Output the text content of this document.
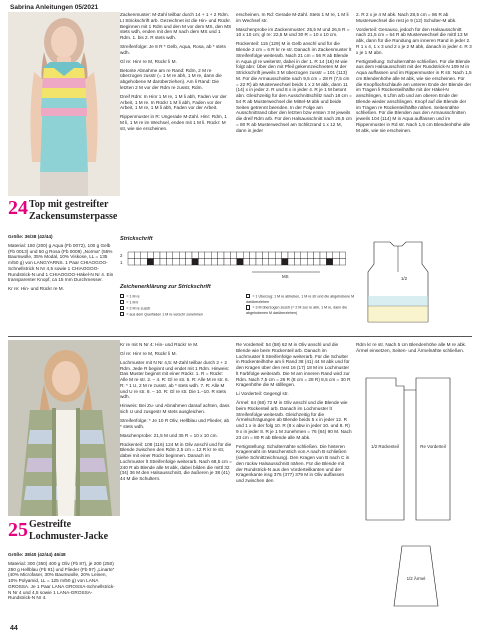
Sabrina Anleitungen 05/2021
24 Top mit gestreifter
Zackensumsterpasse

Größe: 36/38 (42/44)

Material: 150 (200) g Aqua (Fb 0072), 100 g Gelb (Fb 0013) und 50 g Rosa (Fb 0009) „Norma“ (55% Baumwolle, 35% Modal, 10% Viskose, LL = 135 m/50 g) von LANGYARNS. 1 Paar CHIAOGOO-Schnellstrick N Nr 4,5 sowie 1 CHIAOGOO-Rundstrick-N und 1 CHIAOGOO-Häkel-N Nr 4. Ein transparenter Knopf, ca 15 mm Durchmesser.

Kr re: Hin- und Rückr re M.

Zackenmuster: M-Zahl teilbar durch 14 + 1 + 2 Rdm. Lt Strickschrift arb. Gezeichnet ist die Hin- und Rückr. Beginnen mit 1 Rdm und den M vor dem MS, den MS stets wdh, enden mit den M nach dem MS und 1 Rdm. 1. bis 2. R stets wdh.

Streifenfolge: Je 8 R * Gelb, Aqua, Rosa, ab * stets wdh.

Gl re: Hinr re M, Rückr li M.

Betonte Abnahme am re Rand: Rdm, 2 M re überzogen zusstr (= 1 M re abh, 1 M re, dann die abgehobene M darüberziehen). Am li Rand: Die letzten 2 M vor der Rdm re zusstr, Rdm.

Dreif Rdm: In Hinr 1 M re, 1 M li abh, Faden vor der Arbeit, 1 M re. In Rückr 1 M li abh, Faden vor der Arbeit, 1 M re, 1 M li abh, Faden vor der Arbeit.

Rippenmuster in R: Ungerade M-Zahl. Hinr: Rdm, 1 M li, 1 M re im Wechsel, enden mit 1 M li. Rückr: M str, wie sie erscheinen.

erscheinen. In Rd: Gerade M-Zahl. Stets 1 M re, 1 M li im Wechsel str.

Maschenprobe im Zackenmuster: 25,5 M und 26,5 R = 10 x 10 cm; gl re: 22,5 M und 30 R = 10 x 10 cm.

Rückenteil: 115 (129) M in Gelb anschl und für die Blende 2 cm = 6 R kr re str. Danach im Zackenmuster lt Streifenfolge weiterarb. Nach 21 cm = 56 R ab Blende in Aqua gl re weiterstr, dabei in der 1. R 14 (16) M wie folgt abn: Über den mit Pfeil gekennzeichneten M der Strickschrift jeweils 3 M überzogen zusstr = 101 (113) M. Für die Armausschnitte nach 9,5 cm = 28 R (7,5 cm = 22 R) ab Musterwechsel beids 1 x 2 M abk, dann 11 (14) x in jeder 2. R und 8 x in jeder 4. R je 1 M betont abn. Gleichzeitig für den Ausschnittschlitz nach 18 cm = 54 R ab Musterwechsel die Mittel-M abk und beide Seiten getrennt beenden. In der Folge am Ausschnittrand über den letzten bzw ersten 3 M jeweils die dreif Rdm arb. Für den Halsausschnitt nach 26,5 cm = 80 R ab Musterwechsel am Schlitzrand 1 x 12 M, dann in jeder

2. R 2 x je 4 M abk. Nach 28,5 cm = 86 R ab Musterwechsel die rest je 9 (12) Schulter-M abk.

Vorderteil: Genauso, jedoch für den Halsausschnitt nach 21,5 cm = 64 R ab Musterwechsel die mittl 13 M abk, dann für die Rundung am inneren Rand in jeder 2. R 1 x 4, 1 x 3 und 2 x je 2 M abk, danach in jeder 4. R 3 x je 1 M abn.

Fertigstellung: Schulternähte schließen. Für die Blende aus dem Halsausschnitt mit der Rundstrick-N 109 M in Aqua auffassen und im Rippenmuster in R str. Nach 1,5 cm Blendenhöhe alle M abk, wie sie erscheinen. Für die Knopflochschlaufe am unteren Ende der Blende der im Tragen li Rückenteilhälfte mit der Häkel-N anschlingen, 6 Lftm arb und am oberen Ende der Blende wieder anschlingen. Knopf auf die Blende der im Tragen re Rückenteilhälfte nähen. Seitennähte schließen. Für die Blenden aus den Armausschnitten jeweils 104 (114) M in Aqua auffassen und im Rippenmuster in Rd str. Nach 1,5 cm Blendenhöhe alle M abk, wie sie erscheinen.

Strickschrift
2
1
MS
Zeichenerklärung zur Strickschrift
= 1 M re
= 1 M li
= 2 M re zusstr
= aus dem Querfaden 1 M re verschr zunehmen
= 1 Überzug: 1 M re abheben, 1 M re str und die abgehobene M darüberziehen
= 3 M überzogen zusstr (= 2 M zus re abh, 1 M re, dann die abgehobenen M darüberziehen)
1/2
25 Gestreifte
Lochmuster-Jacke

Größe: 38/40 (42/44) 46/48

Material: 300 (350) 400 g Oliv (Fb 87), je 200 (250) 250 g Hellblau (Fb 91) und Flieder (Fb 97) „Linarte“ (40% Microfaser, 30% Baumwolle, 20% Leinen, 10% Polyamid, LL = 125 m/50 g) von LANA GROSSA. Je 1 Paar LANA GROSSA-Schnellstrick-N Nr 4 und 4,5 sowie 1 LANA-GROSSA-Rundstrick-N Nr 4.

Kr re mit N Nr 4: Hin- und Rückr re M.

Gl re: Hinr re M, Rückr li M.

Lochmuster mit N Nr 4,5: M-Zahl teilbar durch 2 + 2 Rdm. Jede R beginnt und endet mit 1 Rdm. Hinweis: Das Muster beginnt mit einer Rückr. 1. R = Rückr: Alle M re str. 2. – 4. R: Gl re str. 5. R: Alle M re str. 6. R: * 1 U, 2 M re zusstr, ab * stets wdh. 7. R: Alle M und U re str. 8. – 10. R: Gl re str. Die 1.–10. R stets wdh.

Hinweis: Bei Zu- und Abnahmen darauf achten, dass sich U und zusgestr M stets ausgleichen.

Streifenfolge: * Je 10 R Oliv, Hellblau und Flieder, ab * stets wdh.

Maschenprobe: 21,5 M und 35 R = 10 x 10 cm.

Rückenteil: 108 (116) 124 M in Oliv anschl und für die Blende zwischen den Rdm 2,5 cm = 12 R kr re str, dabei mit einer Rückr beginnen. Danach im Lochmuster lt Streifenfolge weiterarb. Nach 68,5 cm = 240 R ab Blende alle M abk, dabei bilden die mittl 32 (34) 36 M den Halsausschnitt, die äußeren je 38 (41) 44 M die Schultern.

Re Vorderteil: 54 (58) 62 M in Oliv anschl und die Blende wie beim Rückenteil arb. Danach im Lochmuster lt Streifenfolge weiterarb. Für die Schulter in Rückenteilhöhe am li Rand 38 (41) 44 M abk und für den Kragen über den rest 16 (17) 18 M im Lochmuster lt Farbfolge weiterarb. Die M am inneren Rand wird zur Rdm. Nach 7,5 cm = 26 R (8 cm = 28 R) 8,5 cm = 30 R Kragenhöhe die M stilllegen.

Li Vorderteil: Gegengl str.

Ärmel: 64 (68) 72 M in Oliv anschl und die Blende wie beim Rückenteil arb. Danach im Lochmuster lt Streifenfolge weiterarb. Gleichzeitig für die Ärmelschrägungen ab Blende beids 5 x in jeder 12. R und 1 x in der folg 10. R (8 x abw in jeder 10. und 8. R) 9 x in jeder 8. R je 1 M zunehmen = 76 (84) 90 M. Nach 23 cm = 80 R ab Blende alle M abk.

Fertigstellung: Schulternähte schließen. Die hinteren Kragennaht im Maschenstich von A nach B schließen (siehe Schnittzeichnung). Den Kragen von B nach C in den rückw Halsausschnitt nähen. Für die Blende mit der Rundstrick-N aus den Vorderteilkanten und der Kragenkante insg 375 (377) 379 M in Oliv auffassen und zwischen den

Rdm kr re str. Nach 5 cm Blendenhöhe alle M re abk. Ärmel einsetzen, Seiten- und Ärmelnähte schließen.

1/2 Rückenteil	Re Vorderteil
1/2 Ärmel
44
